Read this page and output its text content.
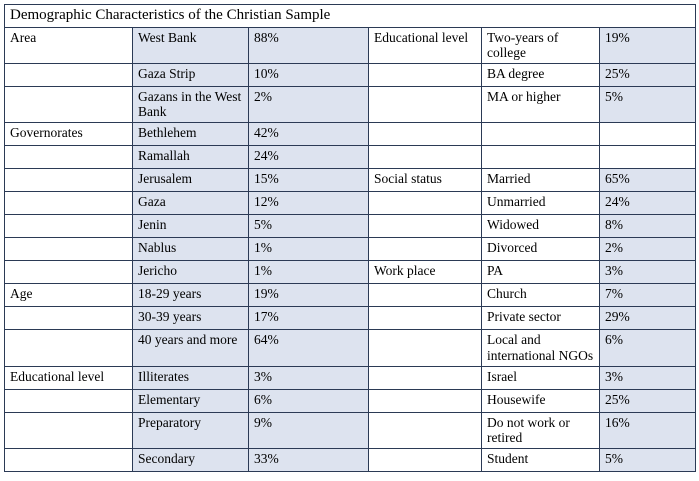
Demographic Characteristics of the Christian Sample					
Area	West Bank	88%	Educational level	Two-years of college	19%
	Gaza Strip	10%		BA degree	25%
	Gazans in the West Bank	2%		MA or higher	5%
Governorates	Bethlehem	42%			
	Ramallah	24%			
	Jerusalem	15%	Social status	Married	65%
	Gaza	12%		Unmarried	24%
	Jenin	5%		Widowed	8%
	Nablus	1%		Divorced	2%
	Jericho	1%	Work place	PA	3%
Age	18-29 years	19%		Church	7%
	30-39 years	17%		Private sector	29%
	40 years and more	64%		Local and international NGOs	6%
Educational level	Illiterates	3%		Israel	3%
	Elementary	6%		Housewife	25%
	Preparatory	9%		Do not work or retired	16%
	Secondary	33%		Student	5%
